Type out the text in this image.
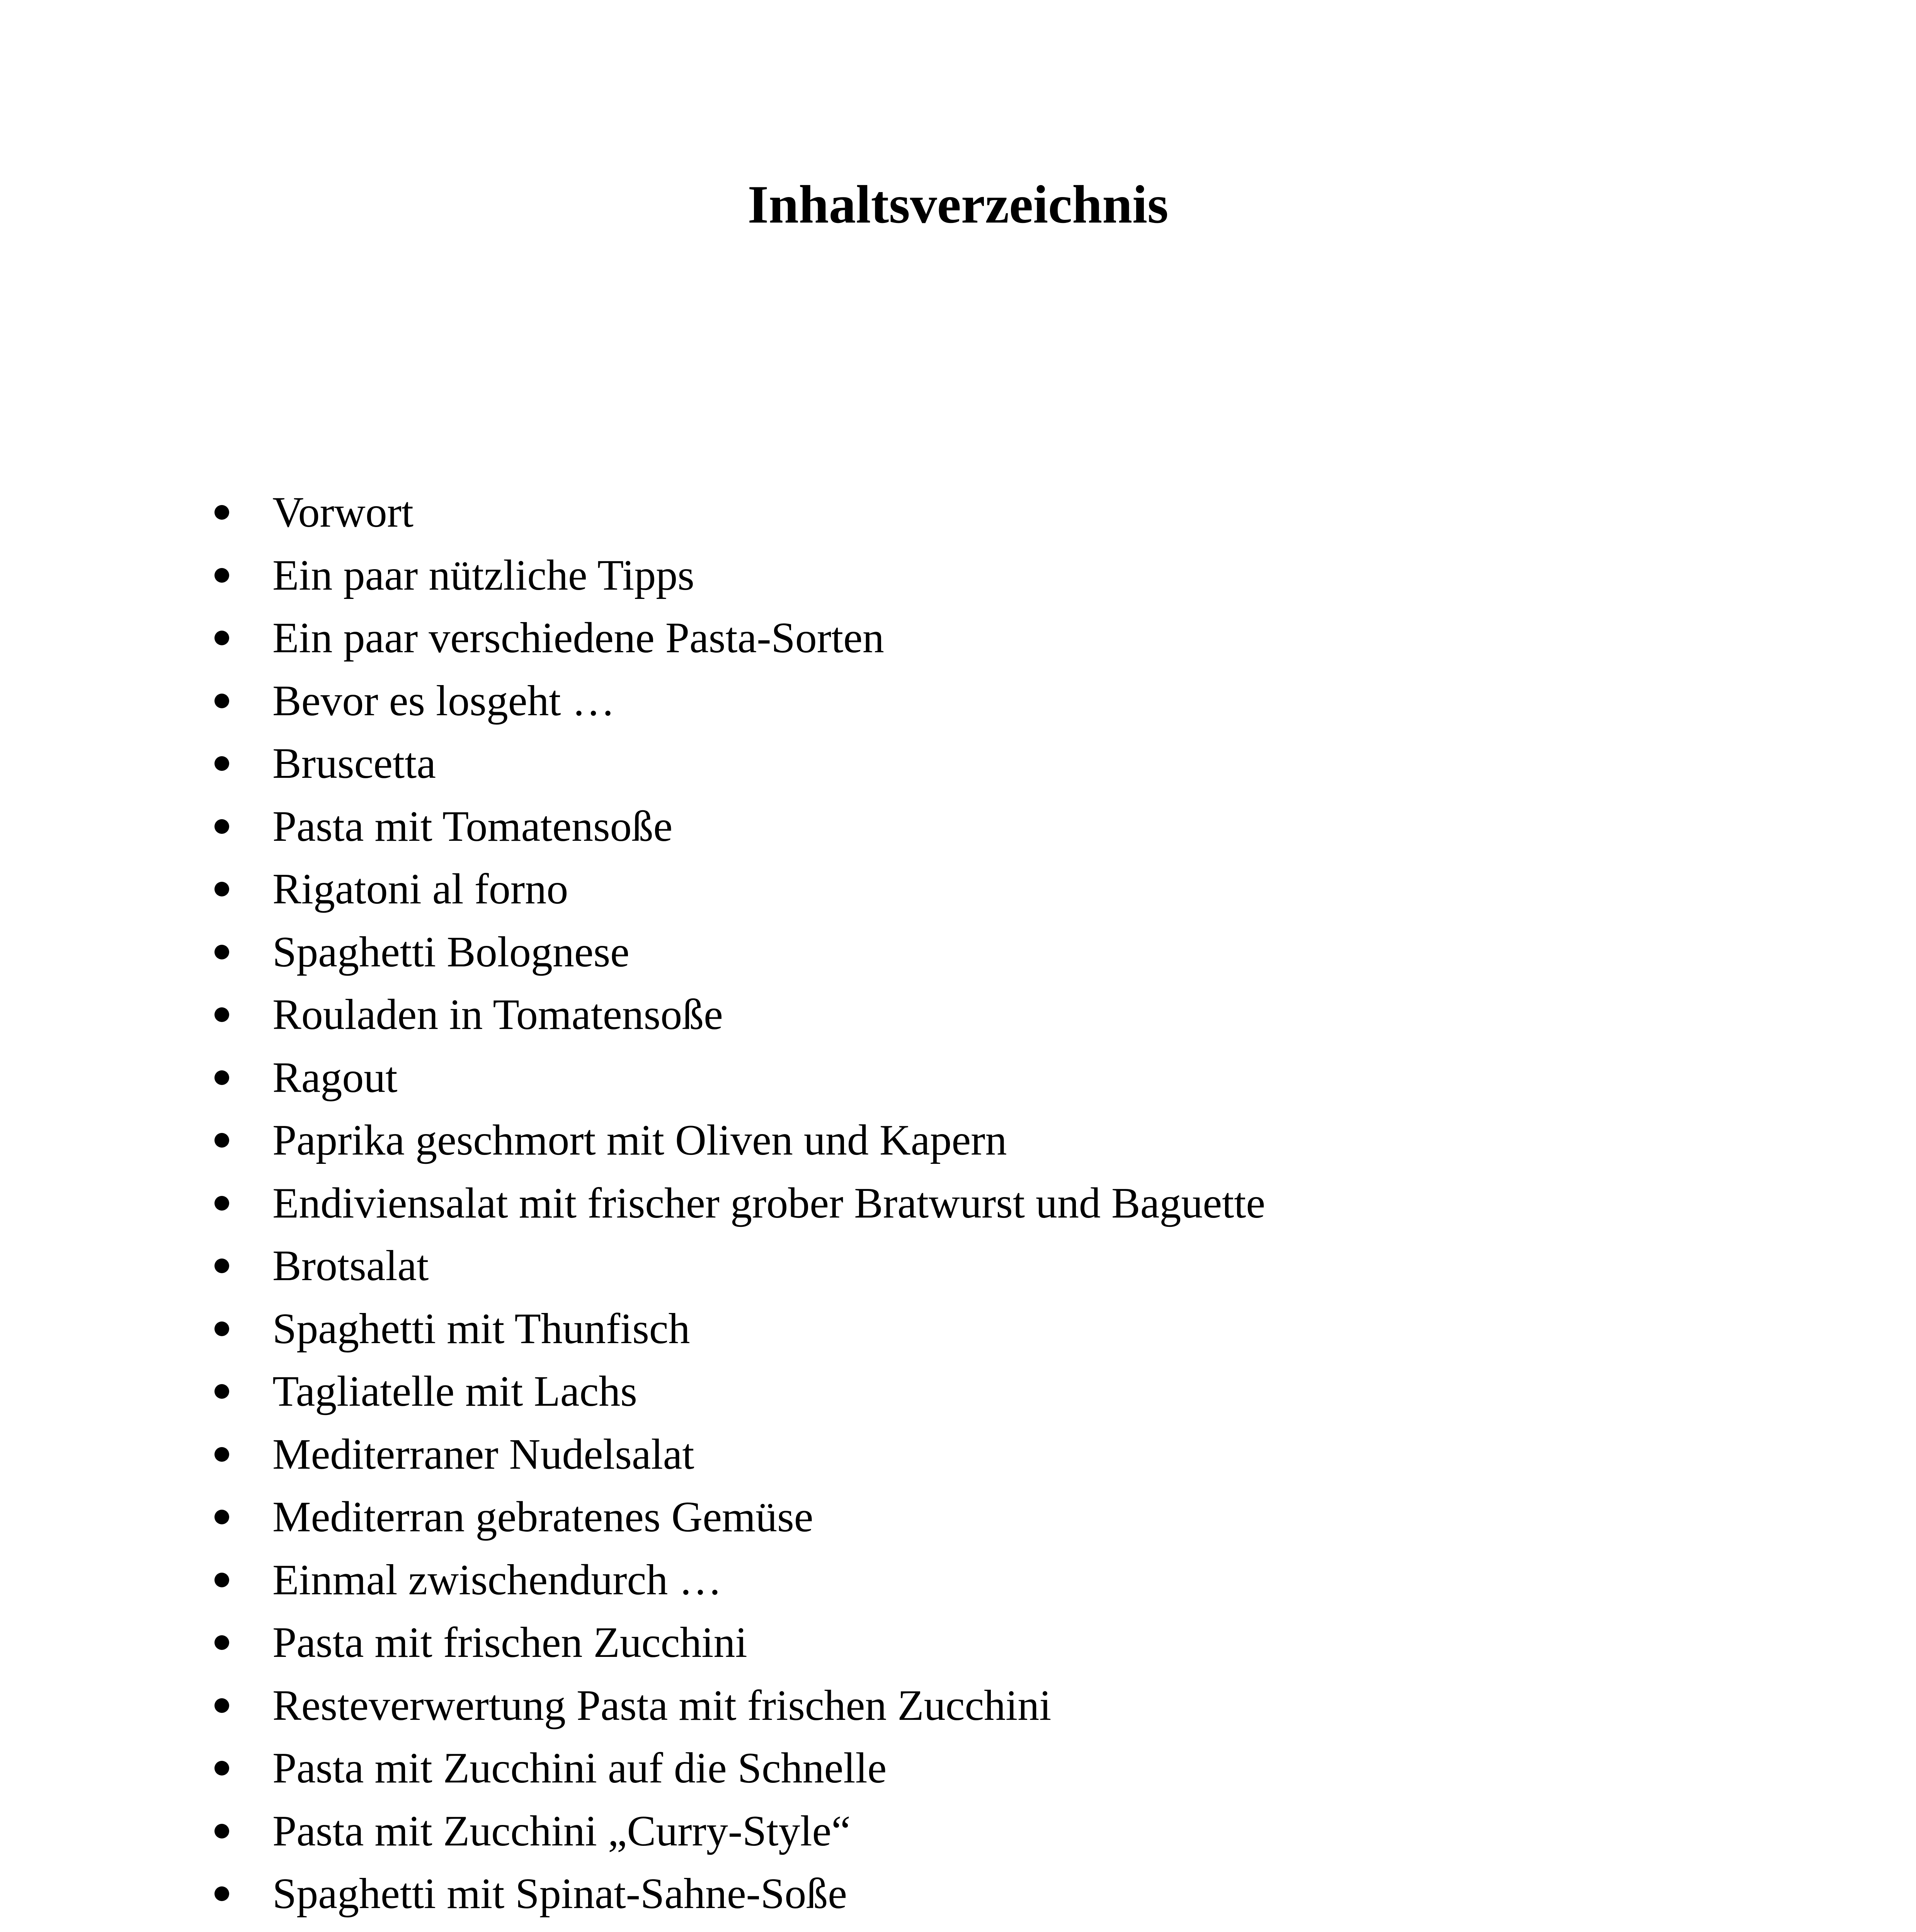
Inhaltsverzeichnis
Vorwort
Ein paar nützliche Tipps
Ein paar verschiedene Pasta-Sorten
Bevor es losgeht …
Bruscetta
Pasta mit Tomatensoße
Rigatoni al forno
Spaghetti Bolognese
Rouladen in Tomatensoße
Ragout
Paprika geschmort mit Oliven und Kapern
Endiviensalat mit frischer grober Bratwurst und Baguette
Brotsalat
Spaghetti mit Thunfisch
Tagliatelle mit Lachs
Mediterraner Nudelsalat
Mediterran gebratenes Gemüse
Einmal zwischendurch …
Pasta mit frischen Zucchini
Resteverwertung Pasta mit frischen Zucchini
Pasta mit Zucchini auf die Schnelle
Pasta mit Zucchini „Curry-Style“
Spaghetti mit Spinat-Sahne-Soße
